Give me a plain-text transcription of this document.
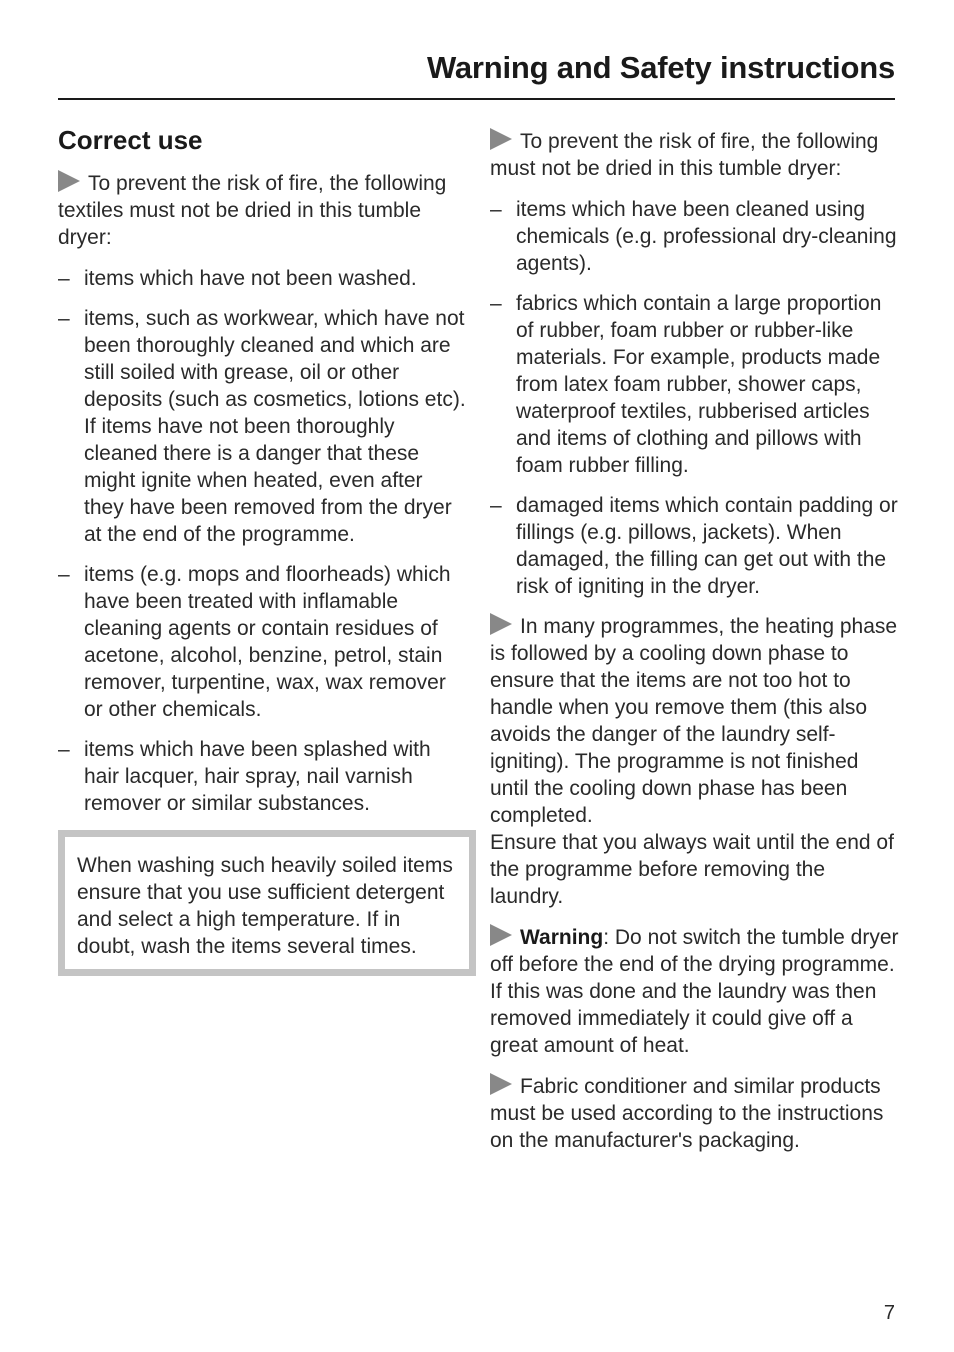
Warning and Safety instructions
Correct use

To prevent the risk of fire, the following textiles must not be dried in this tumble dryer:

– items which have not been washed.
– items, such as workwear, which have not been thoroughly cleaned and which are still soiled with grease, oil or other deposits (such as cosmetics, lotions etc).
If items have not been thoroughly cleaned there is a danger that these might ignite when heated, even after they have been removed from the dryer at the end of the programme.
– items (e.g. mops and floorheads) which have been treated with inflamable cleaning agents or contain residues of acetone, alcohol, benzine, petrol, stain remover, turpentine, wax, wax remover or other chemicals.
– items which have been splashed with hair lacquer, hair spray, nail varnish remover or similar substances.

When washing such heavily soiled items ensure that you use sufficient detergent and select a high temperature. If in doubt, wash the items several times.

To prevent the risk of fire, the following must not be dried in this tumble dryer:

– items which have been cleaned using chemicals (e.g. professional dry-cleaning agents).
– fabrics which contain a large proportion of rubber, foam rubber or rubber-like materials. For example, products made from latex foam rubber, shower caps, waterproof textiles, rubberised articles and items of clothing and pillows with foam rubber filling.
– damaged items which contain padding or fillings (e.g. pillows, jackets). When damaged, the filling can get out with the risk of igniting in the dryer.

In many programmes, the heating phase is followed by a cooling down phase to ensure that the items are not too hot to handle when you remove them (this also avoids the danger of the laundry self-igniting). The programme is not finished until the cooling down phase has been completed.
Ensure that you always wait until the end of the programme before removing the laundry.

Warning: Do not switch the tumble dryer off before the end of the drying programme. If this was done and the laundry was then removed immediately it could give off a great amount of heat.

Fabric conditioner and similar products must be used according to the instructions on the manufacturer's packaging.

7
